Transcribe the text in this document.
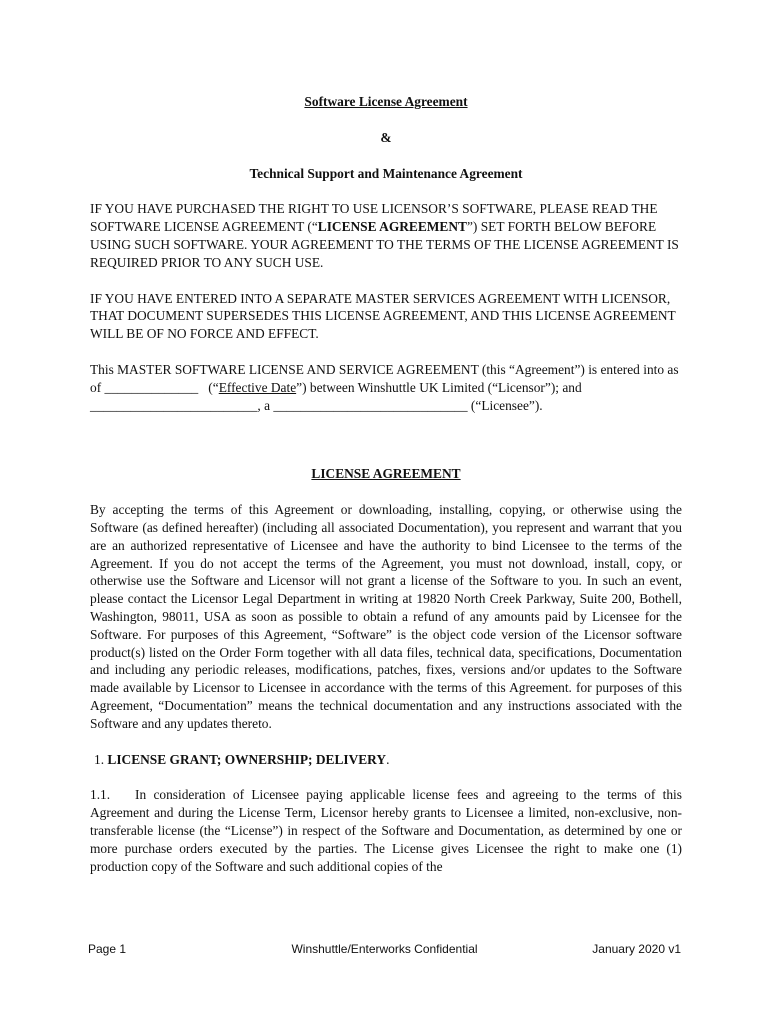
Software License Agreement

&

Technical Support and Maintenance Agreement

IF YOU HAVE PURCHASED THE RIGHT TO USE LICENSOR’S SOFTWARE, PLEASE READ THE SOFTWARE LICENSE AGREEMENT (“LICENSE AGREEMENT”) SET FORTH BELOW BEFORE USING SUCH SOFTWARE. YOUR AGREEMENT TO THE TERMS OF THE LICENSE AGREEMENT IS REQUIRED PRIOR TO ANY SUCH USE.

IF YOU HAVE ENTERED INTO A SEPARATE MASTER SERVICES AGREEMENT WITH LICENSOR, THAT DOCUMENT SUPERSEDES THIS LICENSE AGREEMENT, AND THIS LICENSE AGREEMENT WILL BE OF NO FORCE AND EFFECT.

This MASTER SOFTWARE LICENSE AND SERVICE AGREEMENT (this “Agreement”) is entered into as of ______________   (“Effective Date”) between Winshuttle UK Limited (“Licensor”); and _________________________, a _____________________________ (“Licensee”).

LICENSE AGREEMENT

By accepting the terms of this Agreement or downloading, installing, copying, or otherwise using the Software (as defined hereafter) (including all associated Documentation), you represent and warrant that you are an authorized representative of Licensee and have the authority to bind Licensee to the terms of the Agreement. If you do not accept the terms of the Agreement, you must not download, install, copy, or otherwise use the Software and Licensor will not grant a license of the Software to you. In such an event, please contact the Licensor Legal Department in writing at 19820 North Creek Parkway, Suite 200, Bothell, Washington, 98011, USA as soon as possible to obtain a refund of any amounts paid by Licensee for the Software. For purposes of this Agreement, “Software” is the object code version of the Licensor software product(s) listed on the Order Form together with all data files, technical data, specifications, Documentation and including any periodic releases, modifications, patches, fixes, versions and/or updates to the Software made available by Licensor to Licensee in accordance with the terms of this Agreement. for purposes of this Agreement, “Documentation” means the technical documentation and any instructions associated with the Software and any updates thereto.

1. LICENSE GRANT; OWNERSHIP; DELIVERY.

1.1. In consideration of Licensee paying applicable license fees and agreeing to the terms of this Agreement and during the License Term, Licensor hereby grants to Licensee a limited, non-exclusive, non-transferable license (the “License”) in respect of the Software and Documentation, as determined by one or more purchase orders executed by the parties. The License gives Licensee the right to make one (1) production copy of the Software and such additional copies of the

Page 1	Winshuttle/Enterworks Confidential	January 2020 v1
